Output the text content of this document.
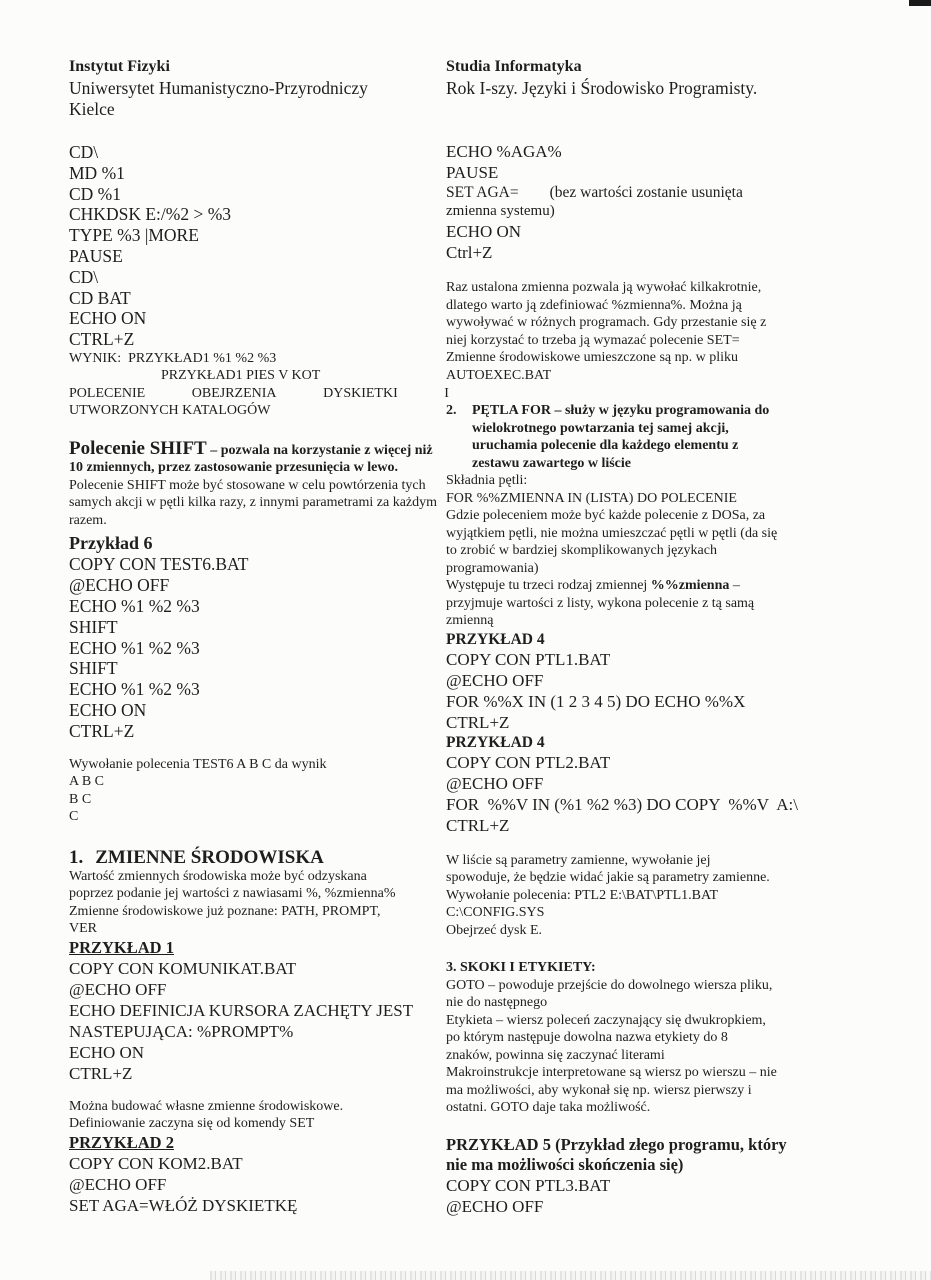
Instytut Fizyki
Uniwersytet Humanistyczno-Przyrodniczy
Kielce
CD\
MD %1
CD %1
CHKDSK E:/%2 > %3
TYPE %3 |MORE
PAUSE
CD\
CD BAT
ECHO ON
CTRL+Z
WYNIK:  PRZYKŁAD1 %1 %2 %3
PRZYKŁAD1 PIES V KOT
POLECENIE	OBEJRZENIA	DYSKIETKI	I
UTWORZONYCH KATALOGÓW
Polecenie SHIFT – pozwala na korzystanie z więcej niż 10 zmiennych, przez zastosowanie przesunięcia w lewo. Polecenie SHIFT może być stosowane w celu powtórzenia tych samych akcji w pętli kilka razy, z innymi parametrami za każdym razem.
Przykład 6
COPY CON TEST6.BAT
@ECHO OFF
ECHO %1 %2 %3
SHIFT
ECHO %1 %2 %3
SHIFT
ECHO %1 %2 %3
ECHO ON
CTRL+Z
Wywołanie polecenia TEST6 A B C da wynik
A B C
B C
C
1. ZMIENNE ŚRODOWISKA
Wartość zmiennych środowiska może być odzyskana
poprzez podanie jej wartości z nawiasami %, %zmienna%
Zmienne środowiskowe już poznane: PATH, PROMPT,
VER
PRZYKŁAD 1
COPY CON KOMUNIKAT.BAT
@ECHO OFF
ECHO DEFINICJA KURSORA ZACHĘTY JEST
NASTEPUJĄCA: %PROMPT%
ECHO ON
CTRL+Z
Można budować własne zmienne środowiskowe.
Definiowanie zaczyna się od komendy SET
PRZYKŁAD 2
COPY CON KOM2.BAT
@ECHO OFF
SET AGA=WŁÓŻ DYSKIETKĘ
Studia Informatyka
Rok I-szy. Języki i Środowisko Programisty.
ECHO %AGA%
PAUSE
SET AGA=        (bez wartości zostanie usunięta
zmienna systemu)
ECHO ON
Ctrl+Z
Raz ustalona zmienna pozwala ją wywołać kilkakrotnie,
dlatego warto ją zdefiniować %zmienna%. Można ją
wywoływać w różnych programach. Gdy przestanie się z
niej korzystać to trzeba ją wymazać polecenie SET=
Zmienne środowiskowe umieszczone są np. w pliku
AUTOEXEC.BAT
2.	PĘTLA FOR – służy w języku programowania do
wielokrotnego powtarzania tej samej akcji,
uruchamia polecenie dla każdego elementu z
zestawu zawartego w liście
Składnia pętli:
FOR %%ZMIENNA IN (LISTA) DO POLECENIE
Gdzie poleceniem może być każde polecenie z DOSa, za
wyjątkiem pętli, nie można umieszczać pętli w pętli (da się
to zrobić w bardziej skomplikowanych językach
programowania)
Występuje tu trzeci rodzaj zmiennej %%zmienna –
przyjmuje wartości z listy, wykona polecenie z tą samą
zmienną
PRZYKŁAD 4
COPY CON PTL1.BAT
@ECHO OFF
FOR %%X IN (1 2 3 4 5) DO ECHO %%X
CTRL+Z
PRZYKŁAD 4
COPY CON PTL2.BAT
@ECHO OFF
FOR  %%V IN (%1 %2 %3) DO COPY  %%V  A:\
CTRL+Z
W liście są parametry zamienne, wywołanie jej
spowoduje, że będzie widać jakie są parametry zamienne.
Wywołanie polecenia: PTL2 E:\BAT\PTL1.BAT
C:\CONFIG.SYS
Obejrzeć dysk E.
3. SKOKI I ETYKIETY:
GOTO – powoduje przejście do dowolnego wiersza pliku,
nie do następnego
Etykieta – wiersz poleceń zaczynający się dwukropkiem,
po którym następuje dowolna nazwa etykiety do 8
znaków, powinna się zaczynać literami
Makroinstrukcje interpretowane są wiersz po wierszu – nie
ma możliwości, aby wykonał się np. wiersz pierwszy i
ostatni. GOTO daje taka możliwość.
PRZYKŁAD 5 (Przykład złego programu, który
nie ma możliwości skończenia się)
COPY CON PTL3.BAT
@ECHO OFF
